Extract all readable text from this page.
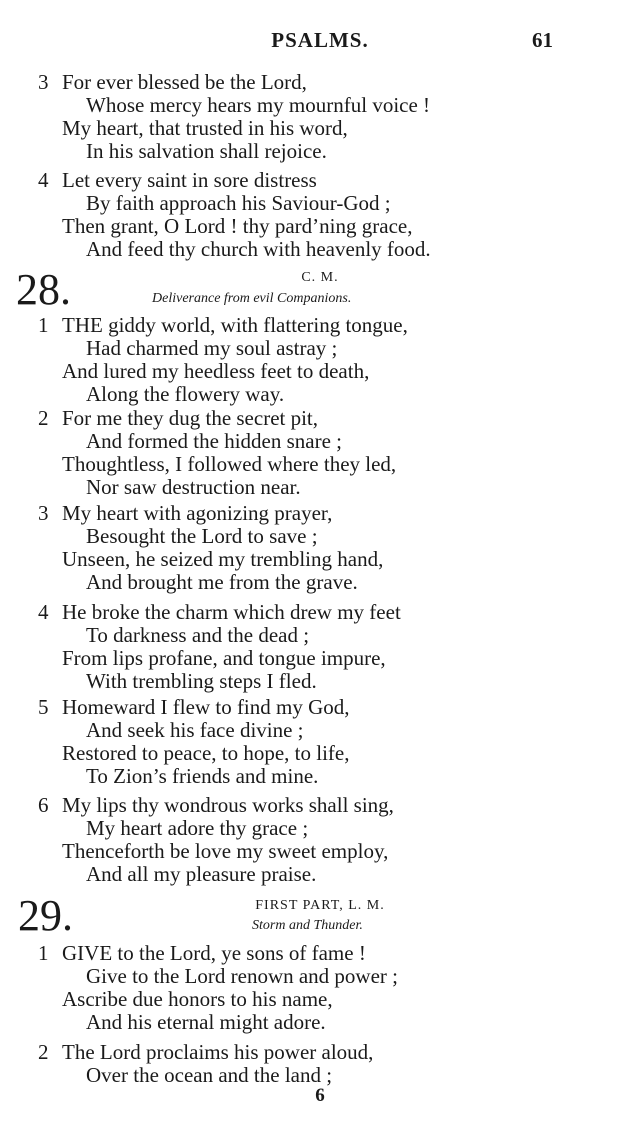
PSALMS.	61
3 For ever blessed be the Lord,
Whose mercy hears my mournful voice !
My heart, that trusted in his word,
In his salvation shall rejoice.
4 Let every saint in sore distress
By faith approach his Saviour-God ;
Then grant, O Lord ! thy pard’ning grace,
And feed thy church with heavenly food.
28.	C. M.
Deliverance from evil Companions.
1 THE giddy world, with flattering tongue,
Had charmed my soul astray ;
And lured my heedless feet to death,
Along the flowery way.
2 For me they dug the secret pit,
And formed the hidden snare ;
Thoughtless, I followed where they led,
Nor saw destruction near.
3 My heart with agonizing prayer,
Besought the Lord to save ;
Unseen, he seized my trembling hand,
And brought me from the grave.
4 He broke the charm which drew my feet
To darkness and the dead ;
From lips profane, and tongue impure,
With trembling steps I fled.
5 Homeward I flew to find my God,
And seek his face divine ;
Restored to peace, to hope, to life,
To Zion’s friends and mine.
6 My lips thy wondrous works shall sing,
My heart adore thy grace ;
Thenceforth be love my sweet employ,
And all my pleasure praise.
29.	FIRST PART, L. M.
Storm and Thunder.
1 GIVE to the Lord, ye sons of fame !
Give to the Lord renown and power ;
Ascribe due honors to his name,
And his eternal might adore.
2 The Lord proclaims his power aloud,
Over the ocean and the land ;
6
